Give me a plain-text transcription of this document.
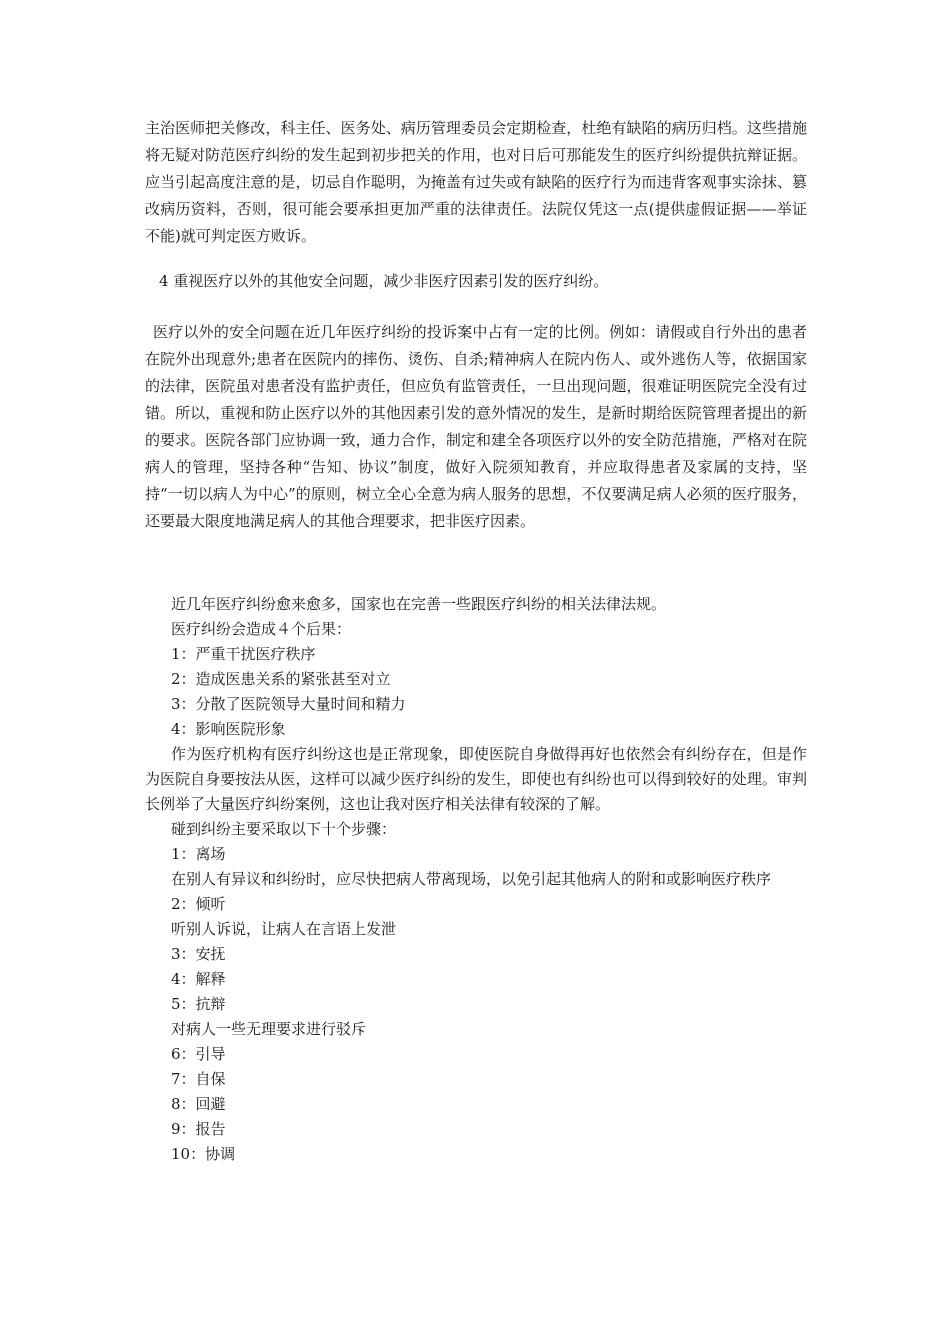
主治医师把关修改，科主任、医务处、病历管理委员会定期检查，杜绝有缺陷的病历归档。这些措施将无疑对防范医疗纠纷的发生起到初步把关的作用，也对日后可那能发生的医疗纠纷提供抗辩证据。应当引起高度注意的是，切忌自作聪明，为掩盖有过失或有缺陷的医疗行为而违背客观事实涂抹、篡改病历资料，否则，很可能会要承担更加严重的法律责任。法院仅凭这一点(提供虚假证据——举证不能)就可判定医方败诉。

4 重视医疗以外的其他安全问题，减少非医疗因素引发的医疗纠纷。

医疗以外的安全问题在近几年医疗纠纷的投诉案中占有一定的比例。例如：请假或自行外出的患者在院外出现意外;患者在医院内的摔伤、烫伤、自杀;精神病人在院内伤人、或外逃伤人等，依据国家的法律，医院虽对患者没有监护责任，但应负有监管责任，一旦出现问题，很难证明医院完全没有过错。所以，重视和防止医疗以外的其他因素引发的意外情况的发生，是新时期给医院管理者提出的新的要求。医院各部门应协调一致，通力合作，制定和建全各项医疗以外的安全防范措施，严格对在院病人的管理，坚持各种“告知、协议”制度，做好入院须知教育，并应取得患者及家属的支持，坚持“一切以病人为中心”的原则，树立全心全意为病人服务的思想，不仅要满足病人必须的医疗服务，还要最大限度地满足病人的其他合理要求，把非医疗因素。

近几年医疗纠纷愈来愈多，国家也在完善一些跟医疗纠纷的相关法律法规。
医疗纠纷会造成４个后果：
1：严重干扰医疗秩序
2：造成医患关系的紧张甚至对立
3：分散了医院领导大量时间和精力
4：影响医院形象
作为医疗机构有医疗纠纷这也是正常现象，即使医院自身做得再好也依然会有纠纷存在，但是作为医院自身要按法从医，这样可以减少医疗纠纷的发生，即使也有纠纷也可以得到较好的处理。审判长例举了大量医疗纠纷案例，这也让我对医疗相关法律有较深的了解。
碰到纠纷主要采取以下十个步骤：
1：离场
在别人有异议和纠纷时，应尽快把病人带离现场，以免引起其他病人的附和或影响医疗秩序
2：倾听
听别人诉说，让病人在言语上发泄
3：安抚
4：解释
5：抗辩
对病人一些无理要求进行驳斥
6：引导
7：自保
8：回避
9：报告
10：协调
